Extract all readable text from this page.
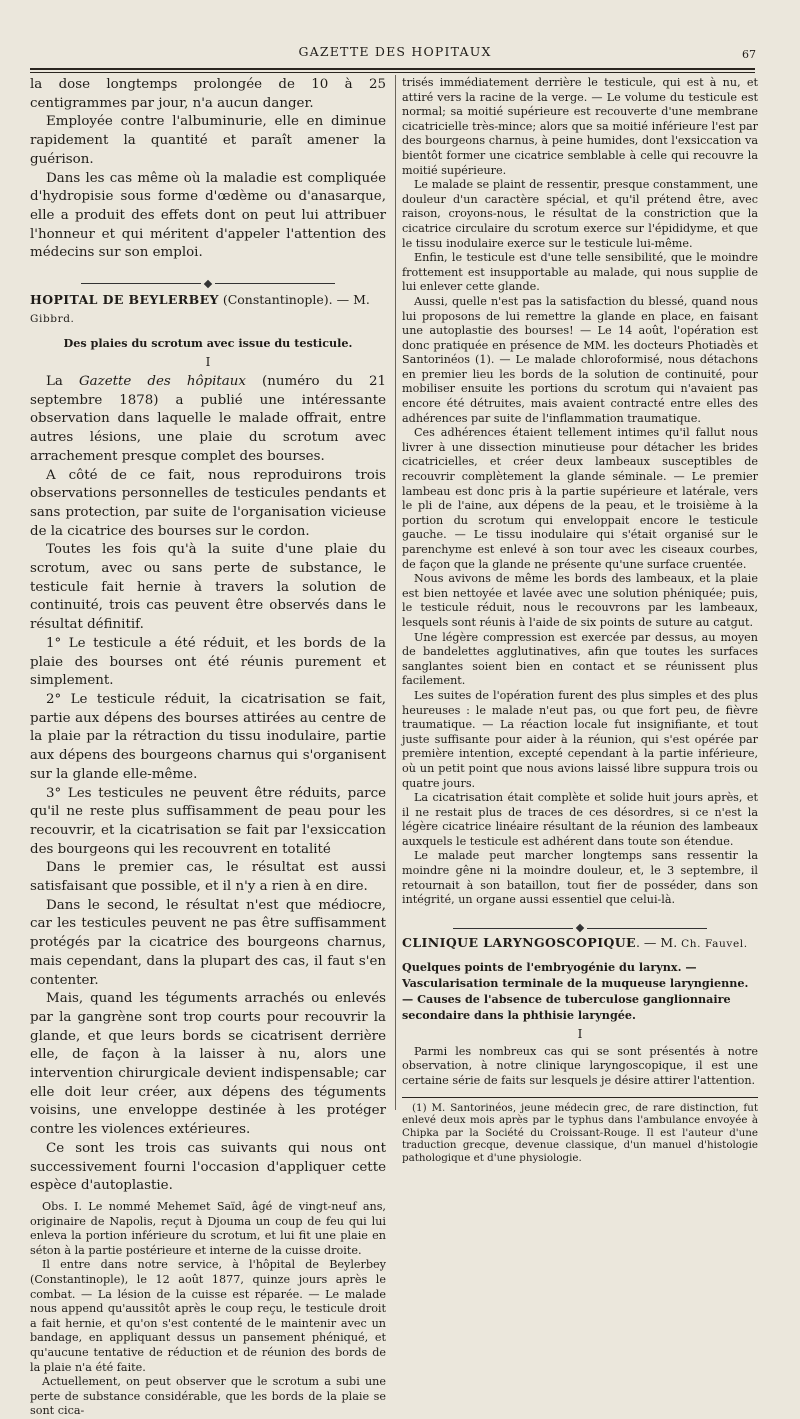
GAZETTE DES HOPITAUX	67

la dose longtemps prolongée de 10 à 25 centigrammes par jour, n'a aucun danger.

Employée contre l'albuminurie, elle en diminue rapidement la quantité et paraît amener la guérison.

Dans les cas même où la maladie est compliquée d'hydropisie sous forme d'œdème ou d'anasarque, elle a produit des effets dont on peut lui attribuer l'honneur et qui méritent d'appeler l'attention des médecins sur son emploi.

HOPITAL DE BEYLERBEY (Constantinople). — M. Gibbrd.
Des plaies du scrotum avec issue du testicule.
I

La Gazette des hôpitaux (numéro du 21 septembre 1878) a publié une intéressante observation dans laquelle le malade offrait, entre autres lésions, une plaie du scrotum avec arrachement presque complet des bourses.

A côté de ce fait, nous reproduirons trois observations personnelles de testicules pendants et sans protection, par suite de l'organisation vicieuse de la cicatrice des bourses sur le cordon.

Toutes les fois qu'à la suite d'une plaie du scrotum, avec ou sans perte de substance, le testicule fait hernie à travers la solution de continuité, trois cas peuvent être observés dans le résultat définitif.

1° Le testicule a été réduit, et les bords de la plaie des bourses ont été réunis purement et simplement.

2° Le testicule réduit, la cicatrisation se fait, partie aux dépens des bourses attirées au centre de la plaie par la rétraction du tissu inodulaire, partie aux dépens des bourgeons charnus qui s'organisent sur la glande elle-même.

3° Les testicules ne peuvent être réduits, parce qu'il ne reste plus suffisamment de peau pour les recouvrir, et la cicatrisation se fait par l'exsiccation des bourgeons qui les recouvrent en totalité

Dans le premier cas, le résultat est aussi satisfaisant que possible, et il n'y a rien à en dire.

Dans le second, le résultat n'est que médiocre, car les testicules peuvent ne pas être suffisamment protégés par la cicatrice des bourgeons charnus, mais cependant, dans la plupart des cas, il faut s'en contenter.

Mais, quand les téguments arrachés ou enlevés par la gangrène sont trop courts pour recouvrir la glande, et que leurs bords se cicatrisent derrière elle, de façon à la laisser à nu, alors une intervention chirurgicale devient indispensable; car elle doit leur créer, aux dépens des téguments voisins, une enveloppe destinée à les protéger contre les violences extérieures.

Ce sont les trois cas suivants qui nous ont successivement fourni l'occasion d'appliquer cette espèce d'autoplastie.

Obs. I. Le nommé Mehemet Saïd, âgé de vingt-neuf ans, originaire de Napolis, reçut à Djouma un coup de feu qui lui enleva la portion inférieure du scrotum, et lui fit une plaie en séton à la partie postérieure et interne de la cuisse droite.

Il entre dans notre service, à l'hôpital de Beylerbey (Constantinople), le 12 août 1877, quinze jours après le combat. — La lésion de la cuisse est réparée. — Le malade nous append qu'aussitôt après le coup reçu, le testicule droit a fait hernie, et qu'on s'est contenté de le maintenir avec un bandage, en appliquant dessus un pansement phéniqué, et qu'aucune tentative de réduction et de réunion des bords de la plaie n'a été faite.

Actuellement, on peut observer que le scrotum a subi une perte de substance considérable, que les bords de la plaie se sont cica-

trisés immédiatement derrière le testicule, qui est à nu, et attiré vers la racine de la verge. — Le volume du testicule est normal; sa moitié supérieure est recouverte d'une membrane cicatricielle très-mince; alors que sa moitié inférieure l'est par des bourgeons charnus, à peine humides, dont l'exsiccation va bientôt former une cicatrice semblable à celle qui recouvre la moitié supérieure.

Le malade se plaint de ressentir, presque constamment, une douleur d'un caractère spécial, et qu'il prétend être, avec raison, croyons-nous, le résultat de la constriction que la cicatrice circulaire du scrotum exerce sur l'épididyme, et que le tissu inodulaire exerce sur le testicule lui-même.

Enfin, le testicule est d'une telle sensibilité, que le moindre frottement est insupportable au malade, qui nous supplie de lui enlever cette glande.

Aussi, quelle n'est pas la satisfaction du blessé, quand nous lui proposons de lui remettre la glande en place, en faisant une autoplastie des bourses! — Le 14 août, l'opération est donc pratiquée en présence de MM. les docteurs Photiadès et Santorinéos (1). — Le malade chloroformisé, nous détachons en premier lieu les bords de la solution de continuité, pour mobiliser ensuite les portions du scrotum qui n'avaient pas encore été détruites, mais avaient contracté entre elles des adhérences par suite de l'inflammation traumatique.

Ces adhérences étaient tellement intimes qu'il fallut nous livrer à une dissection minutieuse pour détacher les brides cicatricielles, et créer deux lambeaux susceptibles de recouvrir complètement la glande séminale. — Le premier lambeau est donc pris à la partie supérieure et latérale, vers le pli de l'aine, aux dépens de la peau, et le troisième à la portion du scrotum qui enveloppait encore le testicule gauche. — Le tissu inodulaire qui s'était organisé sur le parenchyme est enlevé à son tour avec les ciseaux courbes, de façon que la glande ne présente qu'une surface cruentée.

Nous avivons de même les bords des lambeaux, et la plaie est bien nettoyée et lavée avec une solution phéniquée; puis, le testicule réduit, nous le recouvrons par les lambeaux, lesquels sont réunis à l'aide de six points de suture au catgut.

Une légère compression est exercée par dessus, au moyen de bandelettes agglutinatives, afin que toutes les surfaces sanglantes soient bien en contact et se réunissent plus facilement.

Les suites de l'opération furent des plus simples et des plus heureuses : le malade n'eut pas, ou que fort peu, de fièvre traumatique. — La réaction locale fut insignifiante, et tout juste suffisante pour aider à la réunion, qui s'est opérée par première intention, excepté cependant à la partie inférieure, où un petit point que nous avions laissé libre suppura trois ou quatre jours.

La cicatrisation était complète et solide huit jours après, et il ne restait plus de traces de ces désordres, si ce n'est la légère cicatrice linéaire résultant de la réunion des lambeaux auxquels le testicule est adhérent dans toute son étendue.

Le malade peut marcher longtemps sans ressentir la moindre gêne ni la moindre douleur, et, le 3 septembre, il retournait à son bataillon, tout fier de posséder, dans son intégrité, un organe aussi essentiel que celui-là.

CLINIQUE LARYNGOSCOPIQUE. — M. Ch. Fauvel.
Quelques points de l'embryogénie du larynx. — Vascularisation terminale de la muqueuse laryngienne. — Causes de l'absence de tuberculose ganglionnaire secondaire dans la phthisie laryngée.
I

Parmi les nombreux cas qui se sont présentés à notre observation, à notre clinique laryngoscopique, il est une certaine série de faits sur lesquels je désire attirer l'attention.

(1) M. Santorinéos, jeune médecin grec, de rare distinction, fut enlevé deux mois après par le typhus dans l'ambulance envoyée à Chipka par la Société du Croissant-Rouge. Il est l'auteur d'une traduction grecque, devenue classique, d'un manuel d'histologie pathologique et d'une physiologie.
